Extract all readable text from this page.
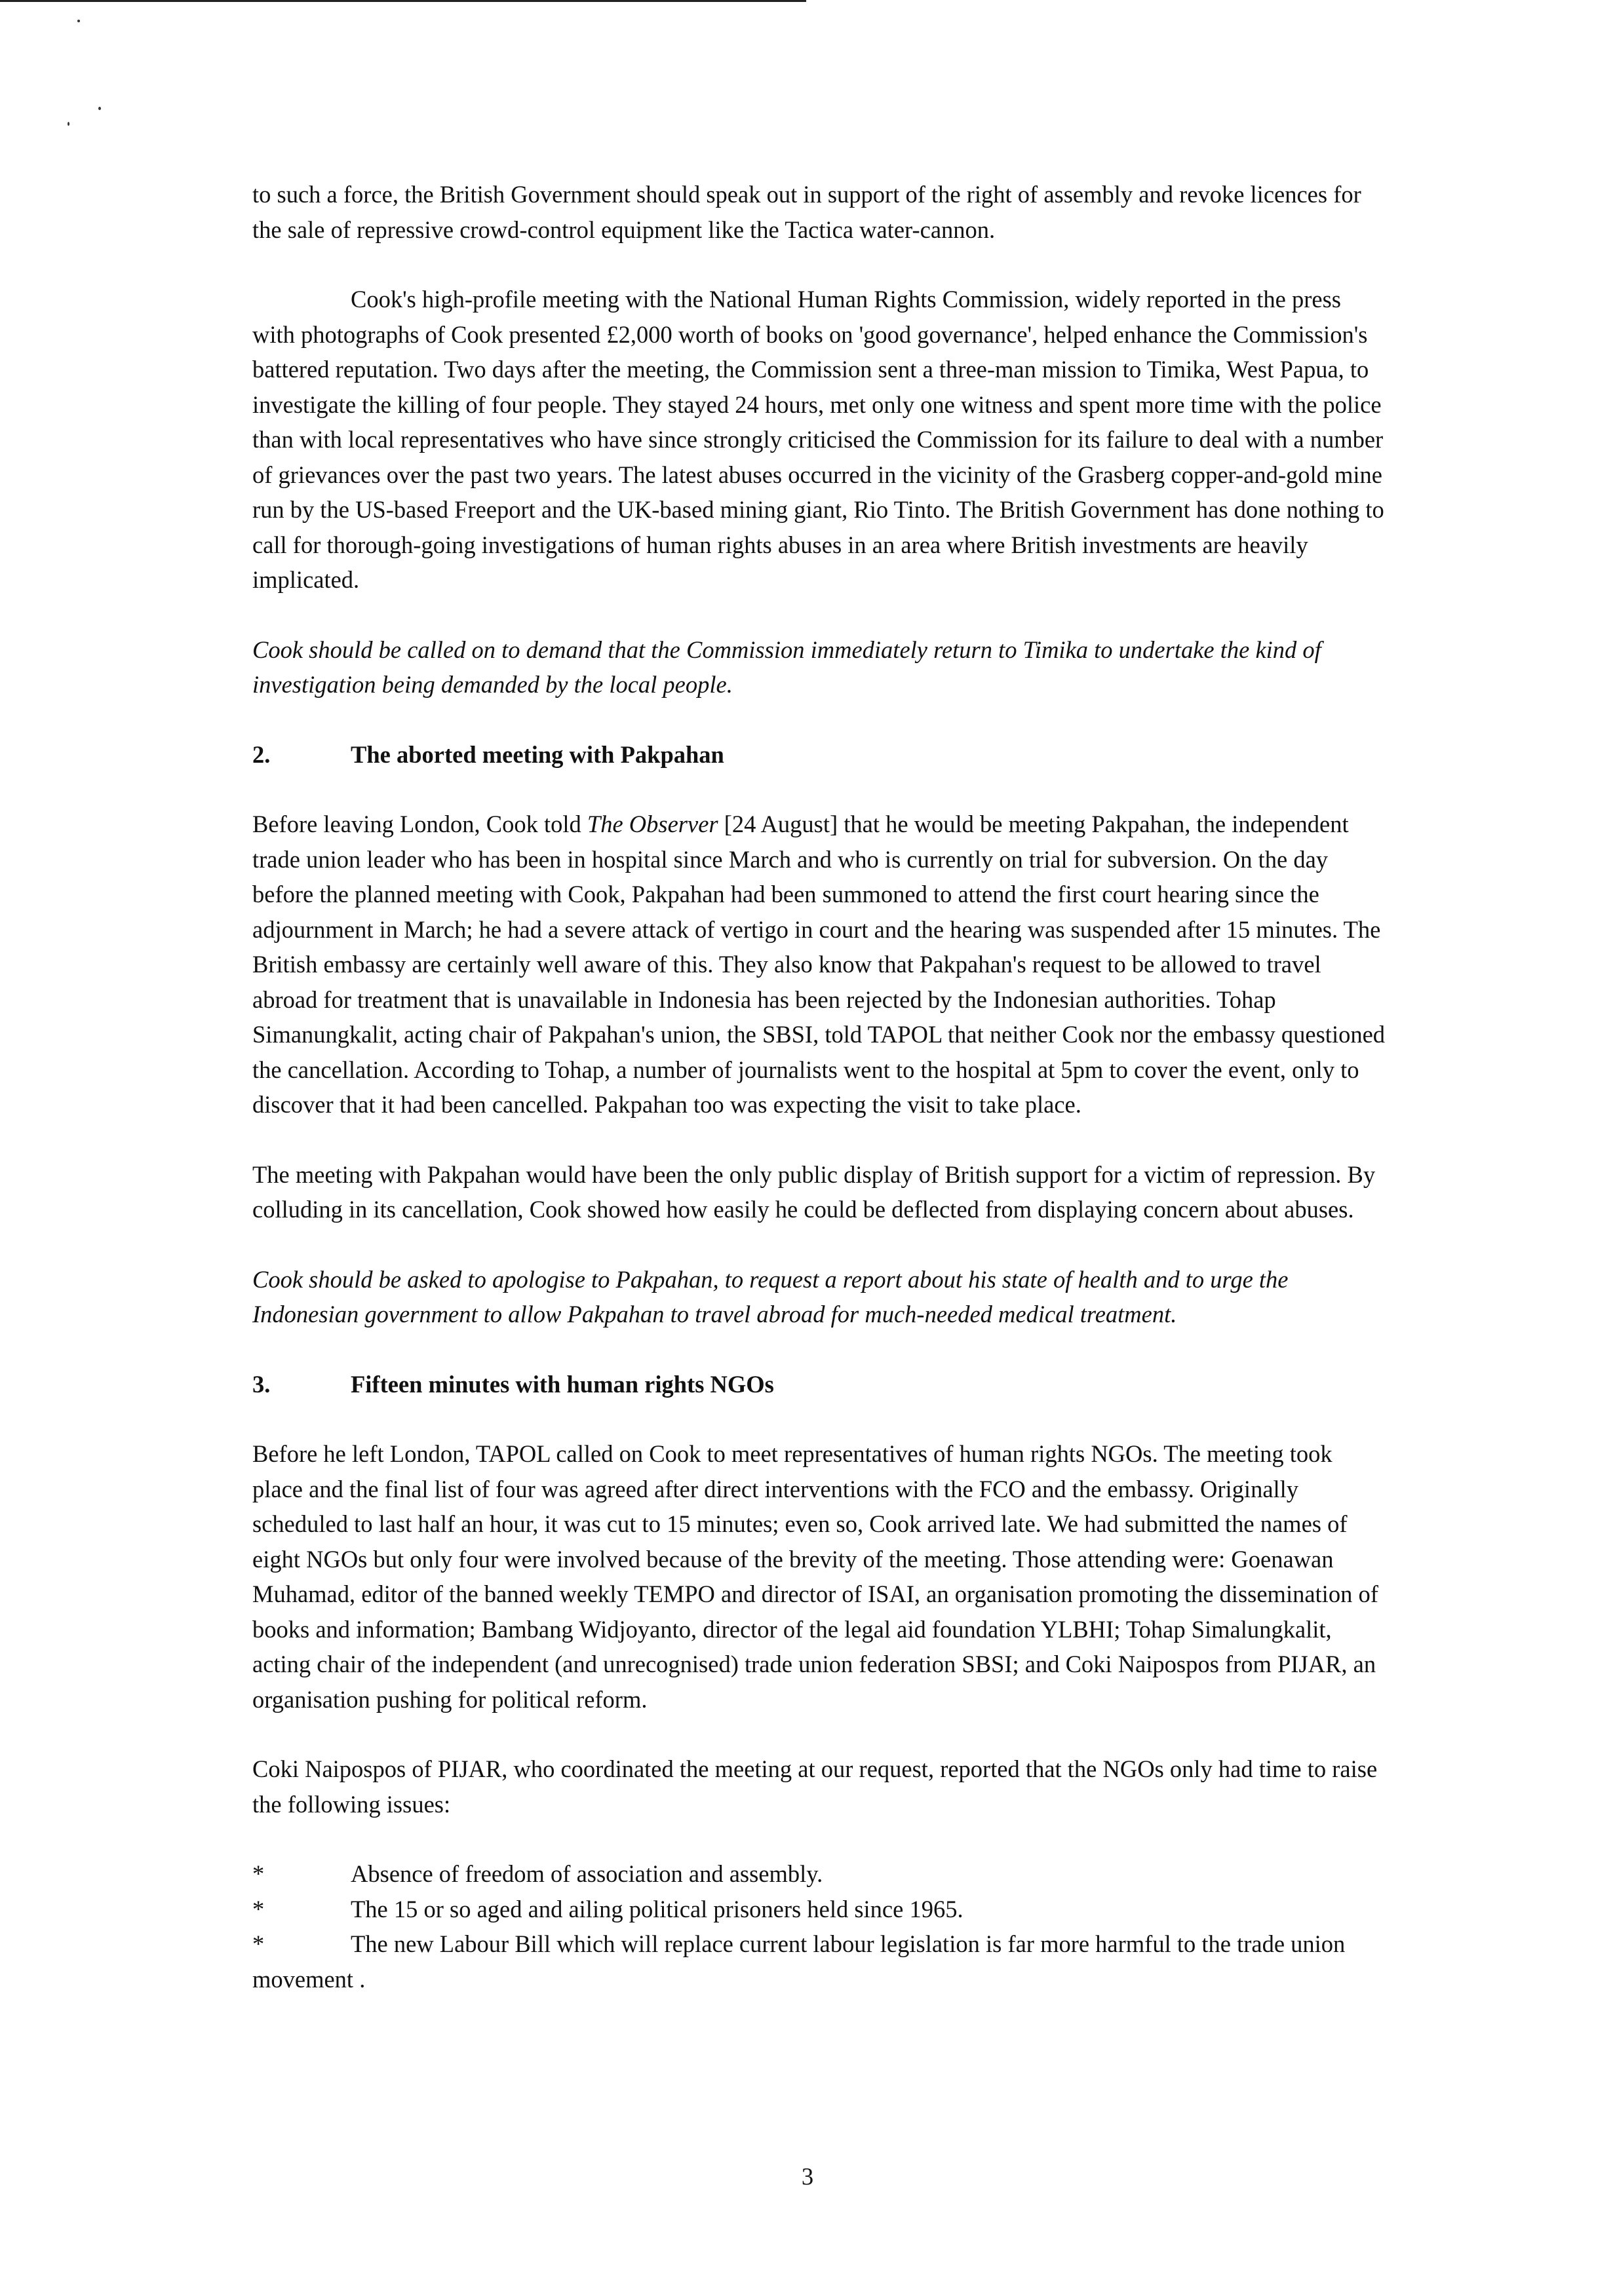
to such a force, the British Government should speak out in support of the right of assembly and revoke licences for the sale of repressive crowd-control equipment like the Tactica water-cannon.

Cook's high-profile meeting with the National Human Rights Commission, widely reported in the press with photographs of Cook presented £2,000 worth of books on 'good governance', helped enhance the Commission's battered reputation. Two days after the meeting, the Commission sent a three-man mission to Timika, West Papua, to investigate the killing of four people. They stayed 24 hours, met only one witness and spent more time with the police than with local representatives who have since strongly criticised the Commission for its failure to deal with a number of grievances over the past two years. The latest abuses occurred in the vicinity of the Grasberg copper-and-gold mine run by the US-based Freeport and the UK-based mining giant, Rio Tinto. The British Government has done nothing to call for thorough-going investigations of human rights abuses in an area where British investments are heavily implicated.

Cook should be called on to demand that the Commission immediately return to Timika to undertake the kind of investigation being demanded by the local people.

2.	The aborted meeting with Pakpahan

Before leaving London, Cook told The Observer [24 August] that he would be meeting Pakpahan, the independent trade union leader who has been in hospital since March and who is currently on trial for subversion. On the day before the planned meeting with Cook, Pakpahan had been summoned to attend the first court hearing since the adjournment in March; he had a severe attack of vertigo in court and the hearing was suspended after 15 minutes. The British embassy are certainly well aware of this. They also know that Pakpahan's request to be allowed to travel abroad for treatment that is unavailable in Indonesia has been rejected by the Indonesian authorities. Tohap Simanungkalit, acting chair of Pakpahan's union, the SBSI, told TAPOL that neither Cook nor the embassy questioned the cancellation. According to Tohap, a number of journalists went to the hospital at 5pm to cover the event, only to discover that it had been cancelled. Pakpahan too was expecting the visit to take place.

The meeting with Pakpahan would have been the only public display of British support for a victim of repression. By colluding in its cancellation, Cook showed how easily he could be deflected from displaying concern about abuses.

Cook should be asked to apologise to Pakpahan, to request a report about his state of health and to urge the Indonesian government to allow Pakpahan to travel abroad for much-needed medical treatment.

3.	Fifteen minutes with human rights NGOs

Before he left London, TAPOL called on Cook to meet representatives of human rights NGOs. The meeting took place and the final list of four was agreed after direct interventions with the FCO and the embassy. Originally scheduled to last half an hour, it was cut to 15 minutes; even so, Cook arrived late. We had submitted the names of eight NGOs but only four were involved because of the brevity of the meeting. Those attending were: Goenawan Muhamad, editor of the banned weekly TEMPO and director of ISAI, an organisation promoting the dissemination of books and information; Bambang Widjoyanto, director of the legal aid foundation YLBHI; Tohap Simalungkalit, acting chair of the independent (and unrecognised) trade union federation SBSI; and Coki Naipospos from PIJAR, an organisation pushing for political reform.

Coki Naipospos of PIJAR, who coordinated the meeting at our request, reported that the NGOs only had time to raise the following issues:

*	Absence of freedom of association and assembly.
*	The 15 or so aged and ailing political prisoners held since 1965.
*	The new Labour Bill which will replace current labour legislation is far more harmful to the trade union movement .
3
